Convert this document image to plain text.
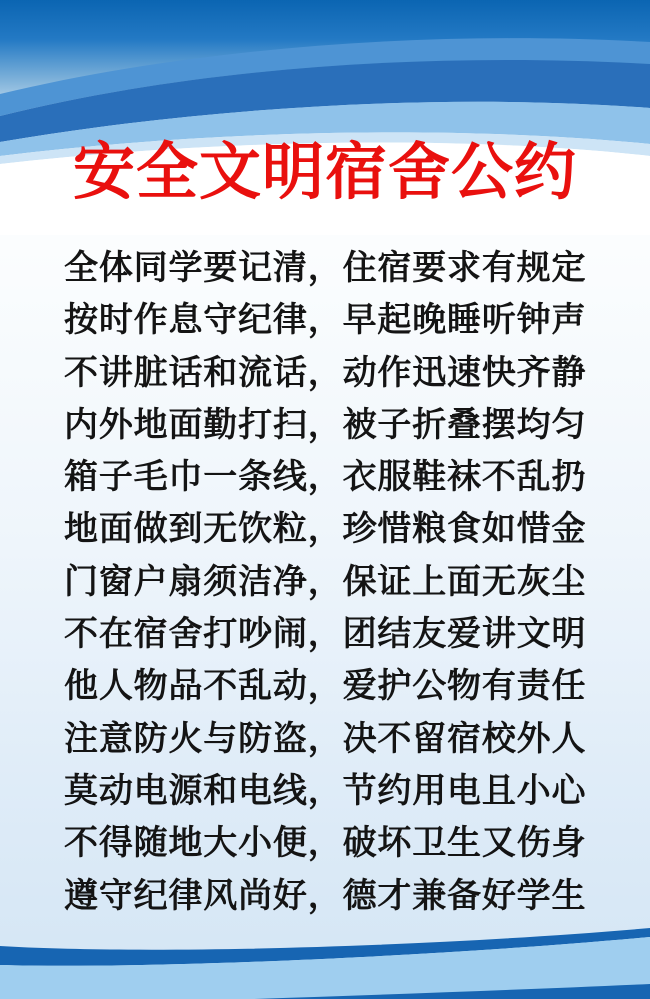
安全文明宿舍公约
全体同学要记清，住宿要求有规定
按时作息守纪律，早起晚睡听钟声
不讲脏话和流话，动作迅速快齐静
内外地面勤打扫，被子折叠摆均匀
箱子毛巾一条线，衣服鞋袜不乱扔
地面做到无饮粒，珍惜粮食如惜金
门窗户扇须洁净，保证上面无灰尘
不在宿舍打吵闹，团结友爱讲文明
他人物品不乱动，爱护公物有责任
注意防火与防盗，决不留宿校外人
莫动电源和电线，节约用电且小心
不得随地大小便，破坏卫生又伤身
遵守纪律风尚好，德才兼备好学生
